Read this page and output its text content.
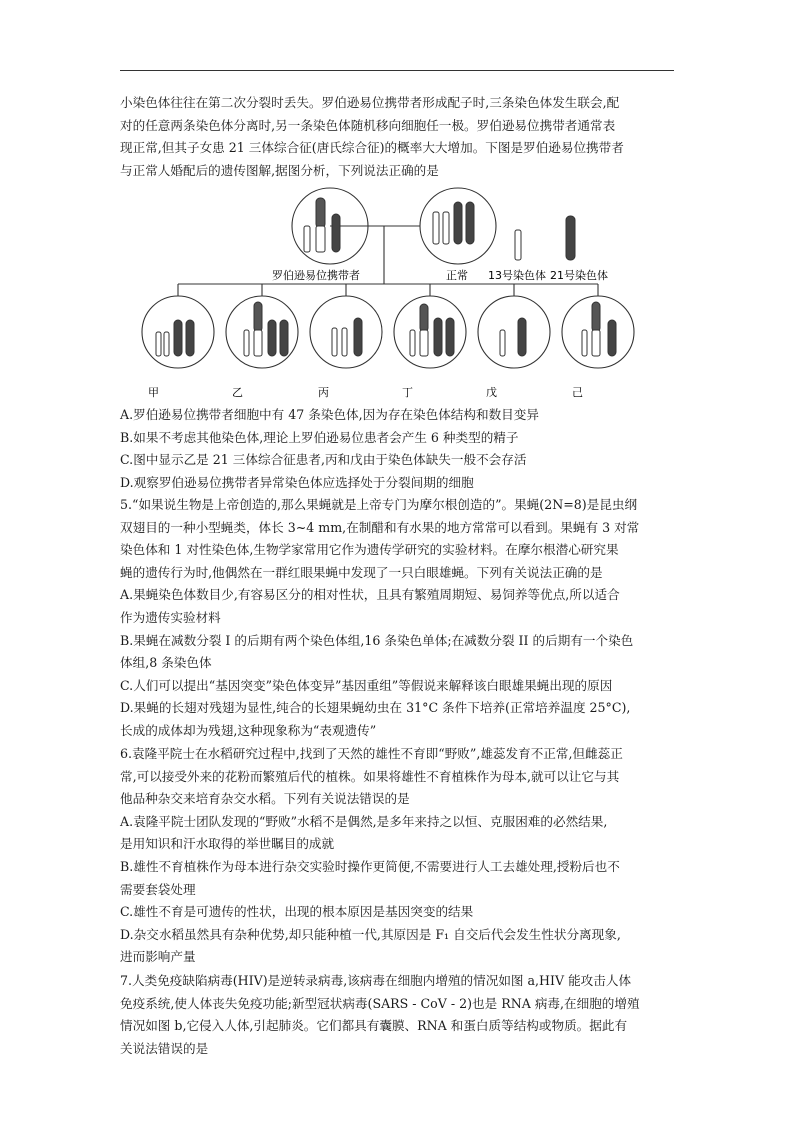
小染色体往往在第二次分裂时丢失。罗伯逊易位携带者形成配子时,三条染色体发生联会,配

对的任意两条染色体分离时,另一条染色体随机移向细胞任一极。罗伯逊易位携带者通常表

现正常,但其子女患 21 三体综合征(唐氏综合征)的概率大大增加。下图是罗伯逊易位携带者

与正常人婚配后的遗传图解,据图分析，下列说法正确的是

罗伯逊易位携带者	正常 13号染色体 21号染色体
甲	乙	丙	丁	戊	己

A.罗伯逊易位携带者细胞中有 47 条染色体,因为存在染色体结构和数目变异

B.如果不考虑其他染色体,理论上罗伯逊易位患者会产生 6 种类型的精子

C.图中显示乙是 21 三体综合征患者,丙和戊由于染色体缺失一般不会存活

D.观察罗伯逊易位携带者异常染色体应选择处于分裂间期的细胞

5.“如果说生物是上帝创造的,那么果蝇就是上帝专门为摩尔根创造的”。果蝇(2N=8)是昆虫纲

双翅目的一种小型蝇类，体长 3~4 mm,在制醋和有水果的地方常常可以看到。果蝇有 3 对常

染色体和 1 对性染色体,生物学家常用它作为遗传学研究的实验材料。在摩尔根潜心研究果

蝇的遗传行为时,他偶然在一群红眼果蝇中发现了一只白眼雄蝇。下列有关说法正确的是

A.果蝇染色体数目少,有容易区分的相对性状，且具有繁殖周期短、易饲养等优点,所以适合

作为遗传实验材料

B.果蝇在减数分裂 I 的后期有两个染色体组,16 条染色单体;在减数分裂 II 的后期有一个染色

体组,8 条染色体

C.人们可以提出“基因突变”染色体变异”基因重组”等假说来解释该白眼雄果蝇出现的原因

D.果蝇的长翅对残翅为显性,纯合的长翅果蝇幼虫在 31°C 条件下培养(正常培养温度 25°C),

长成的成体却为残翅,这种现象称为“表观遗传”

6.袁隆平院士在水稻研究过程中,找到了天然的雄性不育即“野败”,雄蕊发育不正常,但雌蕊正

常,可以接受外来的花粉而繁殖后代的植株。如果将雄性不育植株作为母本,就可以让它与其

他品种杂交来培育杂交水稻。下列有关说法错误的是

A.袁隆平院士团队发现的“野败”水稻不是偶然,是多年来持之以恒、克服困难的必然结果,

是用知识和汗水取得的举世瞩目的成就

B.雄性不育植株作为母本进行杂交实验时操作更简便,不需要进行人工去雄处理,授粉后也不

需要套袋处理

C.雄性不育是可遗传的性状，出现的根本原因是基因突变的结果

D.杂交水稻虽然具有杂种优势,却只能种植一代,其原因是 F₁ 自交后代会发生性状分离现象,

进而影响产量

7.人类免疫缺陷病毒(HIV)是逆转录病毒,该病毒在细胞内增殖的情况如图 a,HIV 能攻击人体

免疫系统,使人体丧失免疫功能;新型冠状病毒(SARS - CoV - 2)也是 RNA 病毒,在细胞的增殖

情况如图 b,它侵入人体,引起肺炎。它们都具有囊膜、RNA 和蛋白质等结构或物质。据此有

关说法错误的是
